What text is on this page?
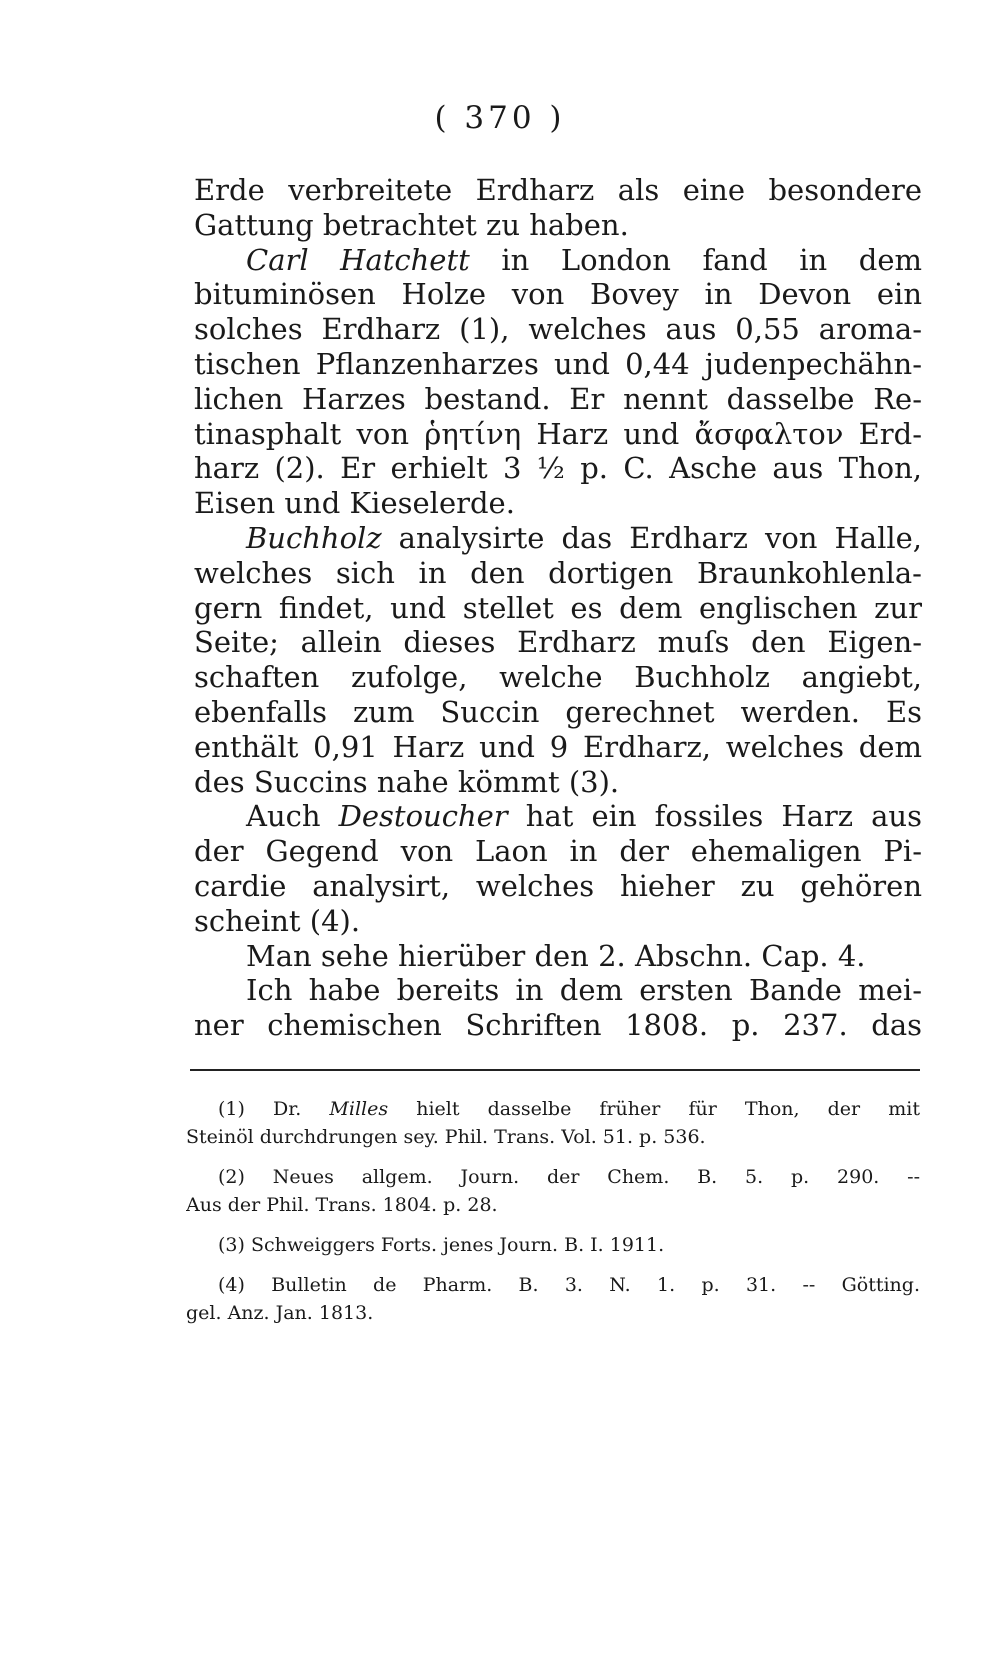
( 370 )
Erde verbreitete Erdharz als eine besondere
Gattung betrachtet zu haben.
Carl Hatchett in London fand in dem
bituminösen Holze von Bovey in Devon ein
solches Erdharz (1), welches aus 0,55 aroma-
tischen Pflanzenharzes und 0,44 judenpechähn-
lichen Harzes bestand. Er nennt dasselbe Re-
tinasphalt von ῥητίνη Harz und ἄσφαλτον Erd-
harz (2). Er erhielt 3 ½ p. C. Asche aus Thon,
Eisen und Kieselerde.
Buchholz analysirte das Erdharz von Halle,
welches sich in den dortigen Braunkohlenla-
gern findet, und stellet es dem englischen zur
Seite; allein dieses Erdharz muſs den Eigen-
schaften zufolge, welche Buchholz angiebt,
ebenfalls zum Succin gerechnet werden. Es
enthält 0,91 Harz und 9 Erdharz, welches dem
des Succins nahe kömmt (3).
Auch Destoucher hat ein fossiles Harz aus
der Gegend von Laon in der ehemaligen Pi-
cardie analysirt, welches hieher zu gehören
scheint (4).
Man sehe hierüber den 2. Abschn. Cap. 4.
Ich habe bereits in dem ersten Bande mei-
ner chemischen Schriften 1808. p. 237. das
(1) Dr. Milles hielt dasselbe früher für Thon, der mit
Steinöl durchdrungen sey. Phil. Trans. Vol. 51. p. 536.
(2) Neues allgem. Journ. der Chem. B. 5. p. 290. --
Aus der Phil. Trans. 1804. p. 28.
(3) Schweiggers Forts. jenes Journ. B. I. 1911.
(4) Bulletin de Pharm. B. 3. N. 1. p. 31. -- Götting.
gel. Anz. Jan. 1813.
